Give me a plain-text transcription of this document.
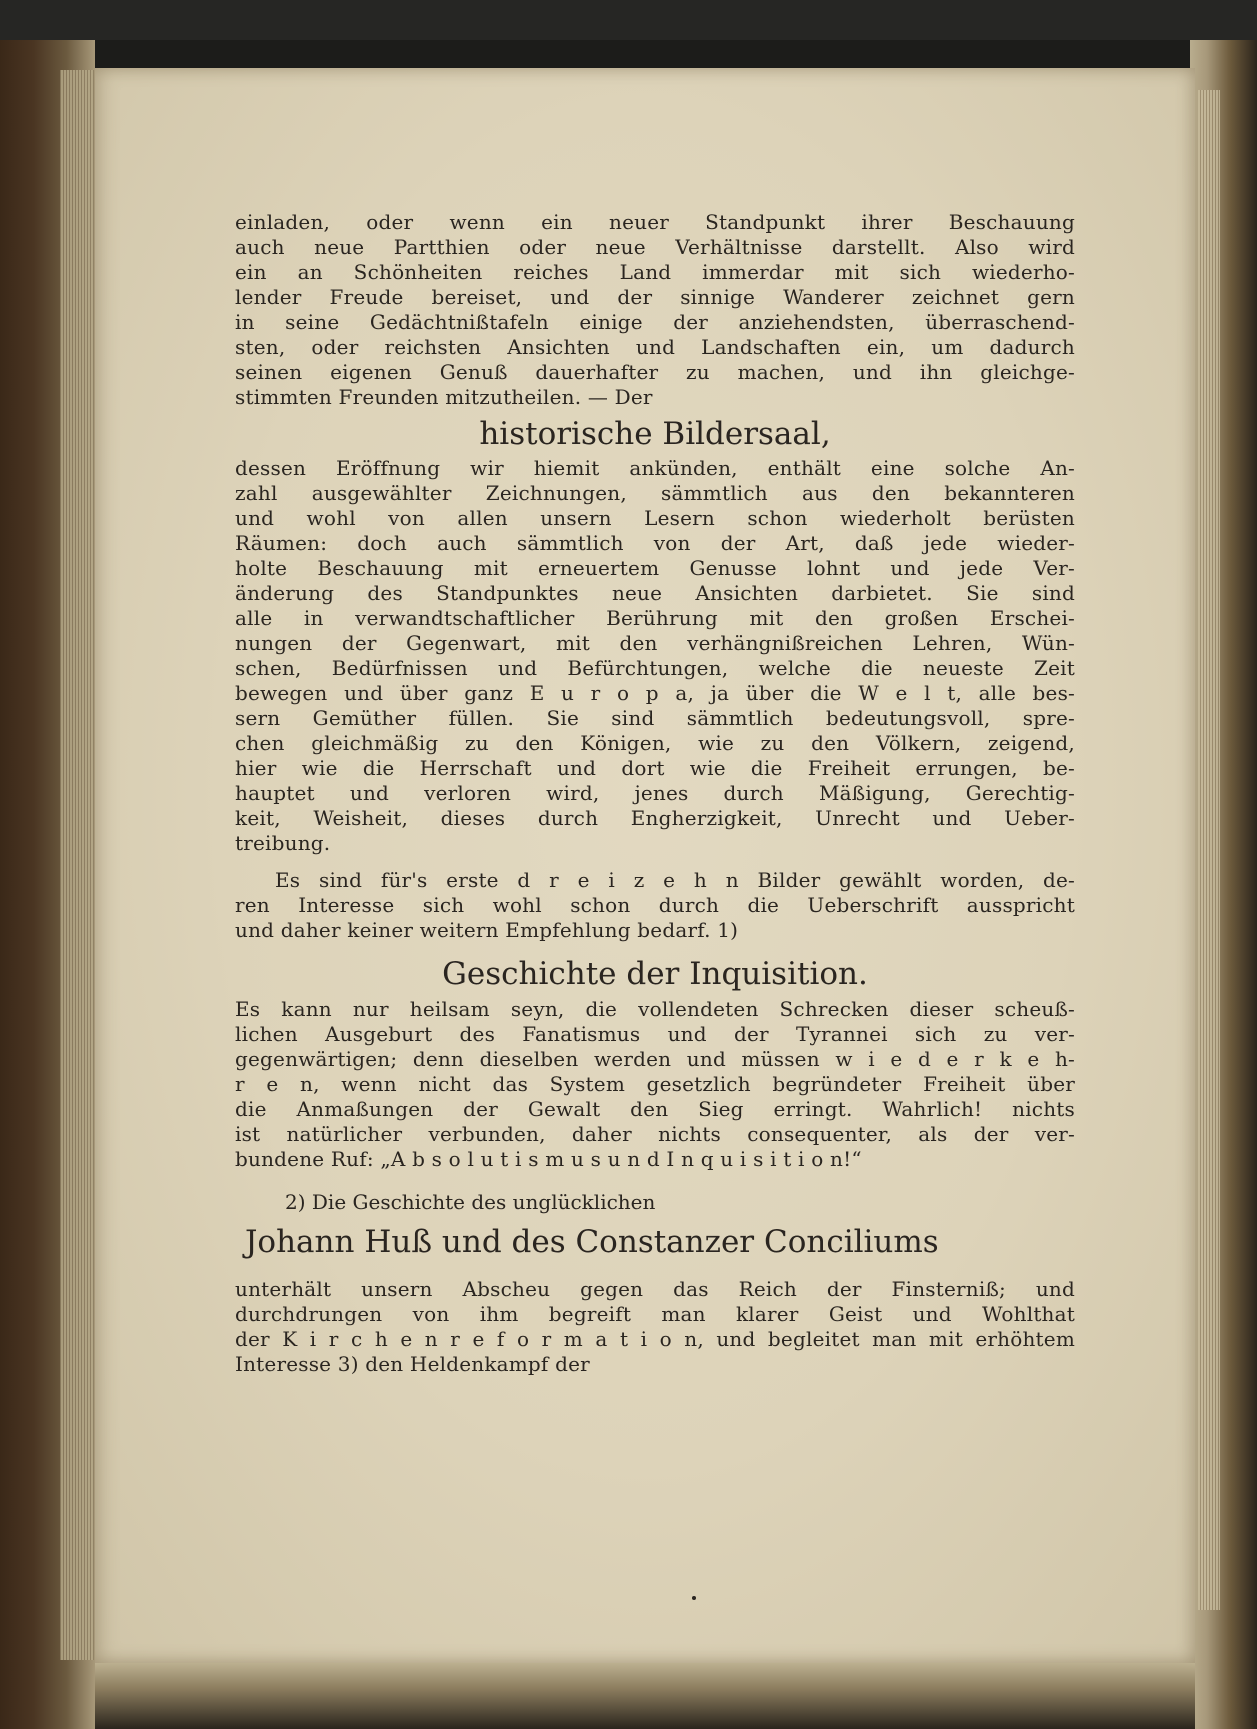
einladen, oder wenn ein neuer Standpunkt ihrer Beschauung
auch neue Partthien oder neue Verhältnisse darstellt. Also wird
ein an Schönheiten reiches Land immerdar mit sich wiederho‑
lender Freude bereiset, und der sinnige Wanderer zeichnet gern
in seine Gedächtnißtafeln einige der anziehendsten, überraschend‑
sten, oder reichsten Ansichten und Landschaften ein, um dadurch
seinen eigenen Genuß dauerhafter zu machen, und ihn gleichge‑
stimmten Freunden mitzutheilen. — Der
historische Bildersaal,
dessen Eröffnung wir hiemit ankünden, enthält eine solche An‑
zahl ausgewählter Zeichnungen, sämmtlich aus den bekannteren
und wohl von allen unsern Lesern schon wiederholt berüsten
Räumen: doch auch sämmtlich von der Art, daß jede wieder‑
holte Beschauung mit erneuertem Genusse lohnt und jede Ver‑
änderung des Standpunktes neue Ansichten darbietet. Sie sind
alle in verwandtschaftlicher Berührung mit den großen Erschei‑
nungen der Gegenwart, mit den verhängnißreichen Lehren, Wün‑
schen, Bedürfnissen und Befürchtungen, welche die neueste Zeit
bewegen und über ganz E u r o p a, ja über die W e l t, alle bes‑
sern Gemüther füllen. Sie sind sämmtlich bedeutungsvoll, spre‑
chen gleichmäßig zu den Königen, wie zu den Völkern, zeigend,
hier wie die Herrschaft und dort wie die Freiheit errungen, be‑
hauptet und verloren wird, jenes durch Mäßigung, Gerechtig‑
keit, Weisheit, dieses durch Engherzigkeit, Unrecht und Ueber‑
treibung.
Es sind für's erste d r e i z e h n Bilder gewählt worden, de‑
ren Interesse sich wohl schon durch die Ueberschrift ausspricht
und daher keiner weitern Empfehlung bedarf. 1)
Geschichte der Inquisition.
Es kann nur heilsam seyn, die vollendeten Schrecken dieser scheuß‑
lichen Ausgeburt des Fanatismus und der Tyrannei sich zu ver‑
gegenwärtigen; denn dieselben werden und müssen w i e d e r k e h‑
r e n, wenn nicht das System gesetzlich begründeter Freiheit über
die Anmaßungen der Gewalt den Sieg erringt. Wahrlich! nichts
ist natürlicher verbunden, daher nichts consequenter, als der ver‑
bundene Ruf: „A b s o l u t i s m u s u n d I n q u i s i t i o n!“
2) Die Geschichte des unglücklichen
Johann Huß und des Constanzer Conciliums
unterhält unsern Abscheu gegen das Reich der Finsterniß; und
durchdrungen von ihm begreift man klarer Geist und Wohlthat
der K i r c h e n r e f o r m a t i o n, und begleitet man mit erhöhtem
Interesse 3) den Heldenkampf der
